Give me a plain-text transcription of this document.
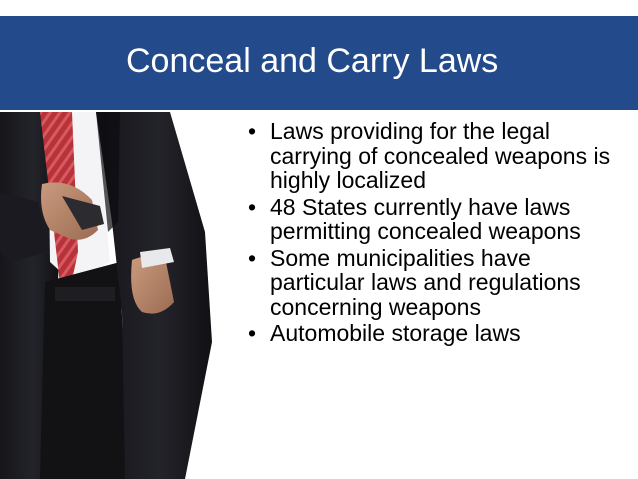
Conceal and Carry Laws
• Laws providing for the legal carrying of concealed weapons is highly localized
• 48 States currently have laws permitting concealed weapons
• Some municipalities have particular laws and regulations concerning weapons
• Automobile storage laws
